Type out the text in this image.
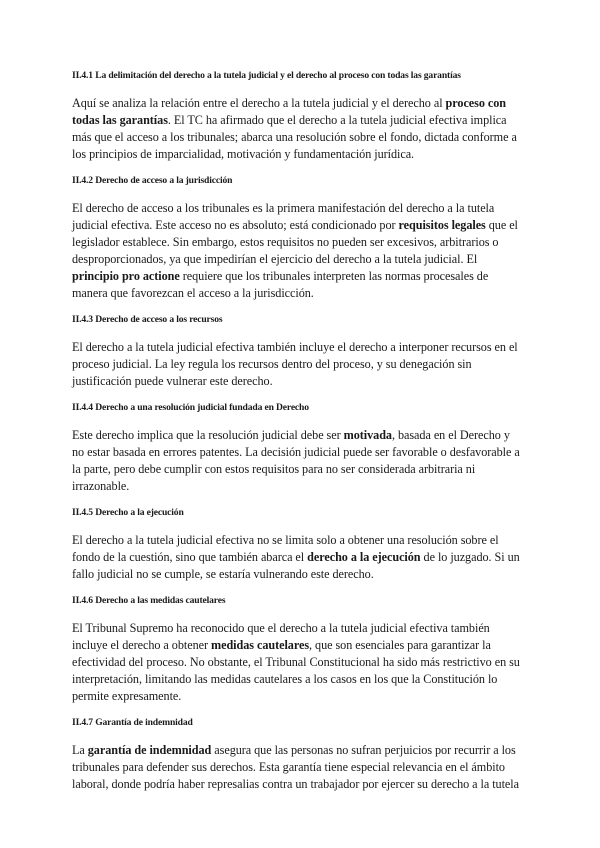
II.4.1 La delimitación del derecho a la tutela judicial y el derecho al proceso con todas las garantías

Aquí se analiza la relación entre el derecho a la tutela judicial y el derecho al proceso con todas las garantías. El TC ha afirmado que el derecho a la tutela judicial efectiva implica más que el acceso a los tribunales; abarca una resolución sobre el fondo, dictada conforme a los principios de imparcialidad, motivación y fundamentación jurídica.

II.4.2 Derecho de acceso a la jurisdicción

El derecho de acceso a los tribunales es la primera manifestación del derecho a la tutela judicial efectiva. Este acceso no es absoluto; está condicionado por requisitos legales que el legislador establece. Sin embargo, estos requisitos no pueden ser excesivos, arbitrarios o desproporcionados, ya que impedirían el ejercicio del derecho a la tutela judicial. El principio pro actione requiere que los tribunales interpreten las normas procesales de manera que favorezcan el acceso a la jurisdicción.

II.4.3 Derecho de acceso a los recursos

El derecho a la tutela judicial efectiva también incluye el derecho a interponer recursos en el proceso judicial. La ley regula los recursos dentro del proceso, y su denegación sin justificación puede vulnerar este derecho.

II.4.4 Derecho a una resolución judicial fundada en Derecho

Este derecho implica que la resolución judicial debe ser motivada, basada en el Derecho y no estar basada en errores patentes. La decisión judicial puede ser favorable o desfavorable a la parte, pero debe cumplir con estos requisitos para no ser considerada arbitraria ni irrazonable.

II.4.5 Derecho a la ejecución

El derecho a la tutela judicial efectiva no se limita solo a obtener una resolución sobre el fondo de la cuestión, sino que también abarca el derecho a la ejecución de lo juzgado. Si un fallo judicial no se cumple, se estaría vulnerando este derecho.

II.4.6 Derecho a las medidas cautelares

El Tribunal Supremo ha reconocido que el derecho a la tutela judicial efectiva también incluye el derecho a obtener medidas cautelares, que son esenciales para garantizar la efectividad del proceso. No obstante, el Tribunal Constitucional ha sido más restrictivo en su interpretación, limitando las medidas cautelares a los casos en los que la Constitución lo permite expresamente.

II.4.7 Garantía de indemnidad

La garantía de indemnidad asegura que las personas no sufran perjuicios por recurrir a los tribunales para defender sus derechos. Esta garantía tiene especial relevancia en el ámbito laboral, donde podría haber represalias contra un trabajador por ejercer su derecho a la tutela
